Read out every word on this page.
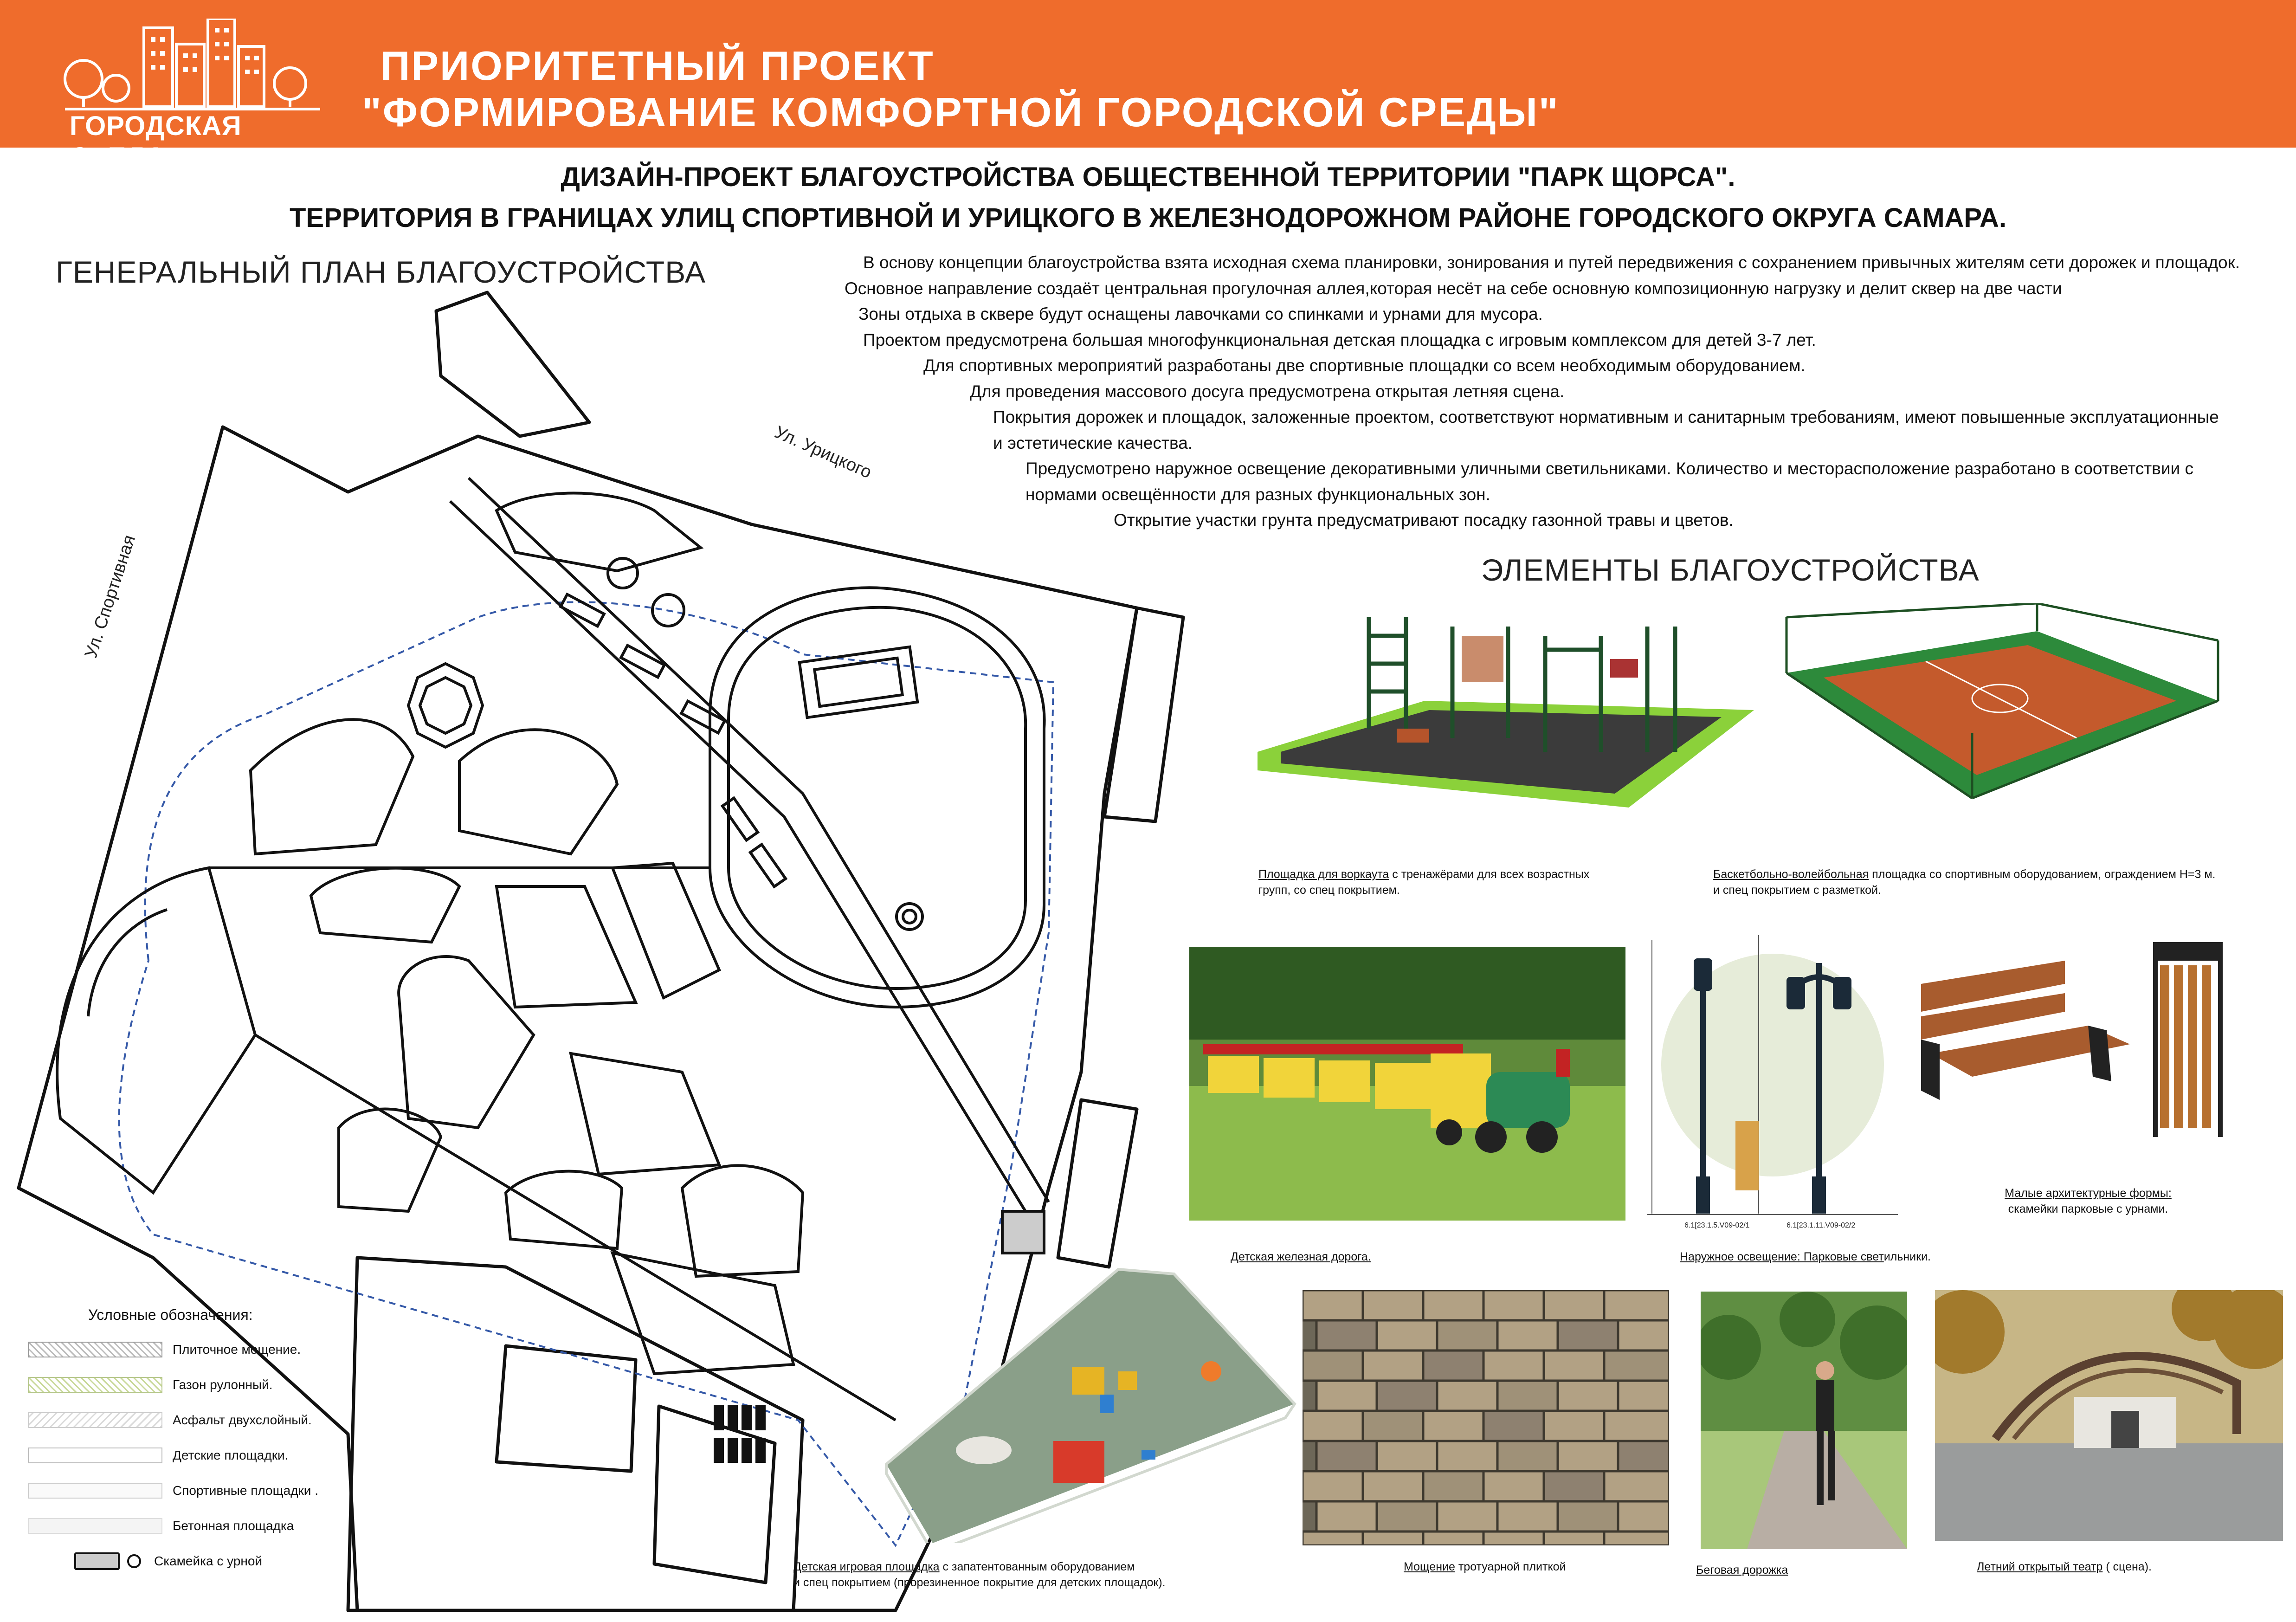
ГОРОДСКАЯ СРЕДА
ПРИОРИТЕТНЫЙ ПРОЕКТ
"ФОРМИРОВАНИЕ КОМФОРТНОЙ ГОРОДСКОЙ СРЕДЫ"
ДИЗАЙН-ПРОЕКТ БЛАГОУСТРОЙСТВА ОБЩЕСТВЕННОЙ ТЕРРИТОРИИ "ПАРК ЩОРСА".
ТЕРРИТОРИЯ В ГРАНИЦАХ УЛИЦ СПОРТИВНОЙ И УРИЦКОГО В ЖЕЛЕЗНОДОРОЖНОМ РАЙОНЕ ГОРОДСКОГО ОКРУГА САМАРА.
ГЕНЕРАЛЬНЫЙ ПЛАН БЛАГОУСТРОЙСТВА
ЭЛЕМЕНТЫ БЛАГОУСТРОЙСТВА

В основу концепции благоустройства взята исходная схема планировки, зонирования и путей передвижения с сохранением привычных жителям сети дорожек и площадок.

Основное направление создаёт центральная прогулочная аллея,которая несёт на себе основную композиционную нагрузку и делит сквер на две части

Зоны отдыха в сквере будут оснащены лавочками со спинками и урнами для мусора.

Проектом предусмотрена большая многофункциональная детская площадка с игровым комплексом для детей 3-7 лет.

Для спортивных мероприятий разработаны две спортивные площадки со всем необходимым оборудованием.

Для проведения массового досуга предусмотрена открытая летняя сцена.

Покрытия дорожек и площадок, заложенные проектом, соответствуют нормативным и санитарным требованиям, имеют повышенные эксплуатационные и эстетические качества.

Предусмотрено наружное освещение декоративными уличными светильниками. Количество и месторасположение разработано в соответствии с нормами освещённости для разных функциональных зон.

Открытие участки грунта предусматривают посадку газонной травы и цветов.

Ул. Урицкого
Ул. Спортивная
Условные обозначения:
Плиточное мощение.
Газон рулонный.
Асфальт двухслойный.
Детские площадки.
Спортивные площадки .
Бетонная площадка
Скамейка с урной
Площадка для воркаута с тренажёрами для всех возрастных групп, со спец покрытием.
Баскетбольно-волейбольная площадка со спортивным оборудованием, ограждением Н=3 м. и спец покрытием с разметкой.
Детская железная дорога.
6.1[23.1.5.V09-02/1	6.1[23.1.11.V09-02/2
Наружное освещение: Парковые светильники.
Малые архитектурные формы:
скамейки парковые с урнами.
Детская игровая площадка с запатентованным оборудованием
и спец покрытием (прорезиненное покрытие для детских площадок).
Мощение тротуарной плиткой	Беговая дорожка	Летний открытый театр ( сцена).
